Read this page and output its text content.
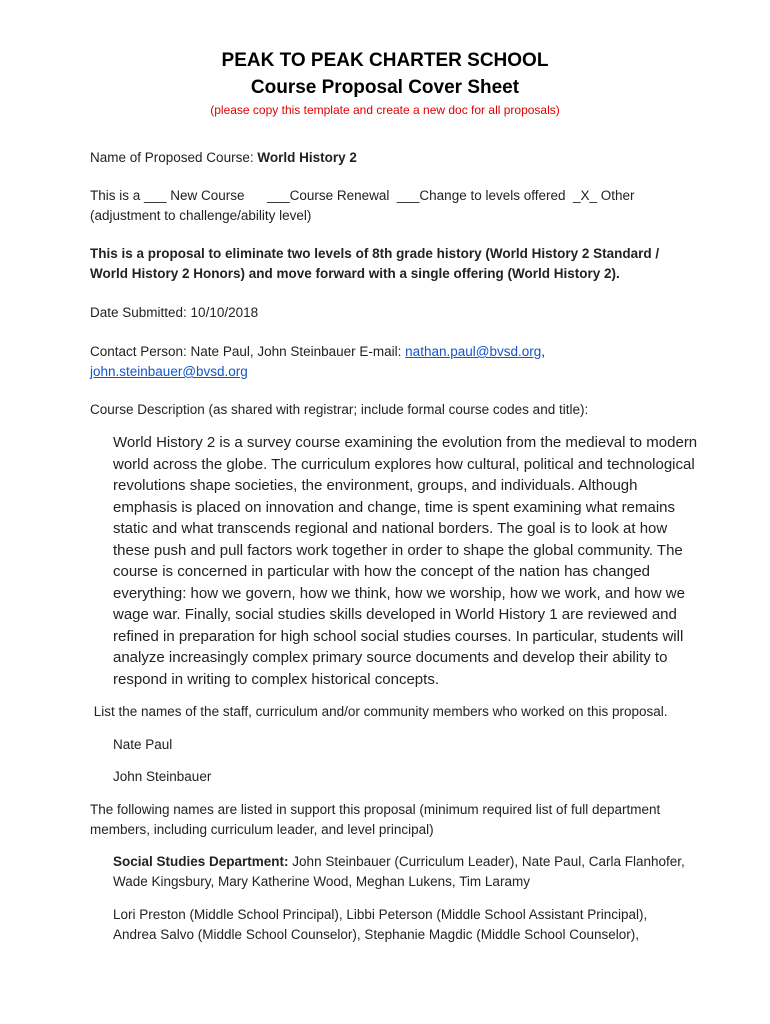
PEAK TO PEAK CHARTER SCHOOL
Course Proposal Cover Sheet
(please copy this template and create a new doc for all proposals)
Name of Proposed Course: World History 2
This is a ___ New Course      ___Course Renewal  ___Change to levels offered  _X_ Other
(adjustment to challenge/ability level)
This is a proposal to eliminate two levels of 8th grade history (World History 2 Standard /
World History 2 Honors) and move forward with a single offering (World History 2).
Date Submitted: 10/10/2018
Contact Person: Nate Paul, John Steinbauer E-mail: nathan.paul@bvsd.org,
john.steinbauer@bvsd.org
Course Description (as shared with registrar; include formal course codes and title):
World History 2 is a survey course examining the evolution from the medieval to modern
world across the globe. The curriculum explores how cultural, political and technological
revolutions shape societies, the environment, groups, and individuals. Although
emphasis is placed on innovation and change, time is spent examining what remains
static and what transcends regional and national borders. The goal is to look at how
these push and pull factors work together in order to shape the global community. The
course is concerned in particular with how the concept of the nation has changed
everything: how we govern, how we think, how we worship, how we work, and how we
wage war. Finally, social studies skills developed in World History 1 are reviewed and
refined in preparation for high school social studies courses. In particular, students will
analyze increasingly complex primary source documents and develop their ability to
respond in writing to complex historical concepts.
List the names of the staff, curriculum and/or community members who worked on this proposal.
Nate Paul
John Steinbauer
The following names are listed in support this proposal (minimum required list of full department
members, including curriculum leader, and level principal)
Social Studies Department: John Steinbauer (Curriculum Leader), Nate Paul, Carla Flanhofer,
Wade Kingsbury, Mary Katherine Wood, Meghan Lukens, Tim Laramy
Lori Preston (Middle School Principal), Libbi Peterson (Middle School Assistant Principal),
Andrea Salvo (Middle School Counselor), Stephanie Magdic (Middle School Counselor),
